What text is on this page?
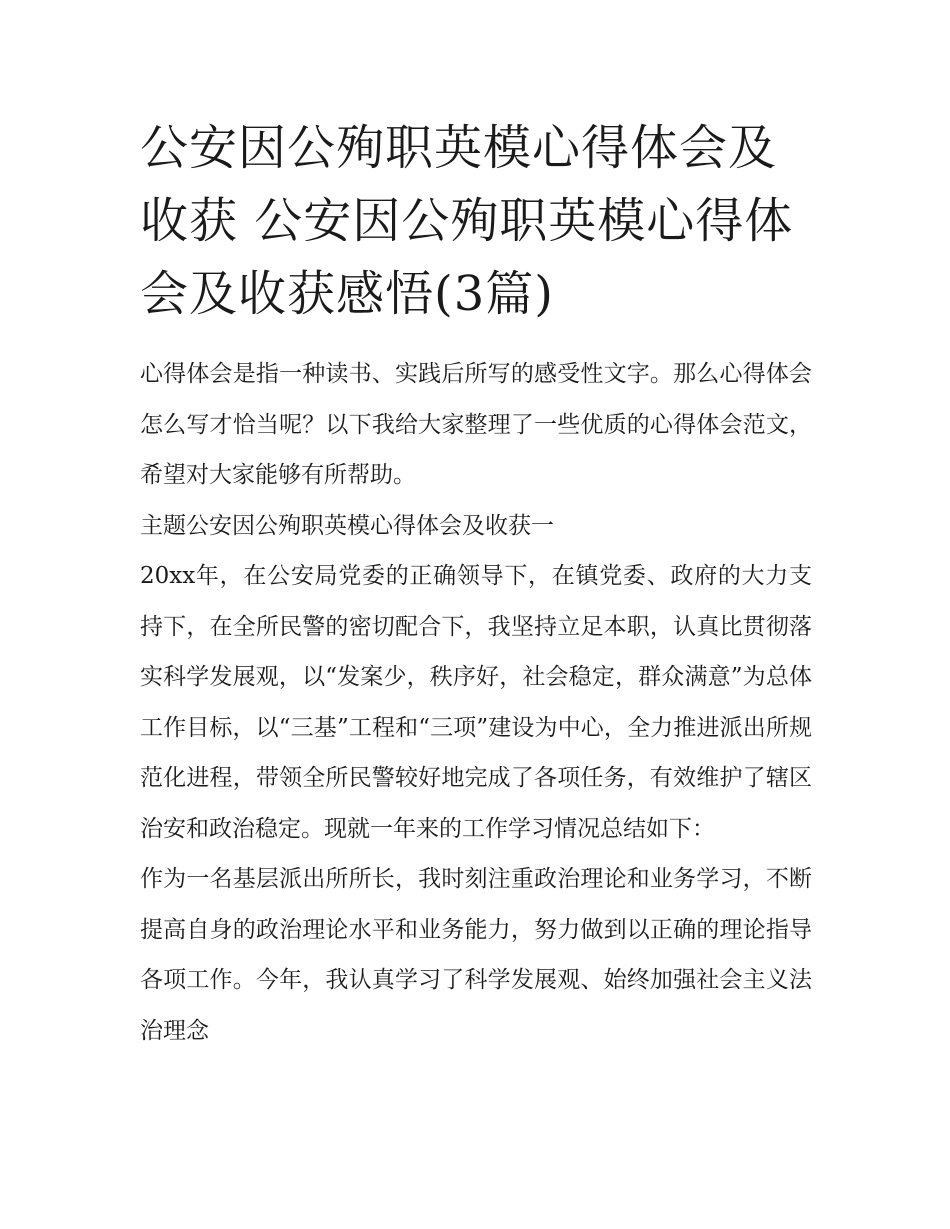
公安因公殉职英模心得体会及收获 公安因公殉职英模心得体会及收获感悟(3篇)

心得体会是指一种读书、实践后所写的感受性文字。那么心得体会怎么写才恰当呢？以下我给大家整理了一些优质的心得体会范文，希望对大家能够有所帮助。

主题公安因公殉职英模心得体会及收获一

20xx年，在公安局党委的正确领导下，在镇党委、政府的大力支持下，在全所民警的密切配合下，我坚持立足本职，认真比贯彻落实科学发展观，以“发案少，秩序好，社会稳定，群众满意”为总体工作目标，以“三基”工程和“三项”建设为中心，全力推进派出所规范化进程，带领全所民警较好地完成了各项任务，有效维护了辖区治安和政治稳定。现就一年来的工作学习情况总结如下：

作为一名基层派出所所长，我时刻注重政治理论和业务学习，不断提高自身的政治理论水平和业务能力，努力做到以正确的理论指导各项工作。今年，我认真学习了科学发展观、始终加强社会主义法治理念
